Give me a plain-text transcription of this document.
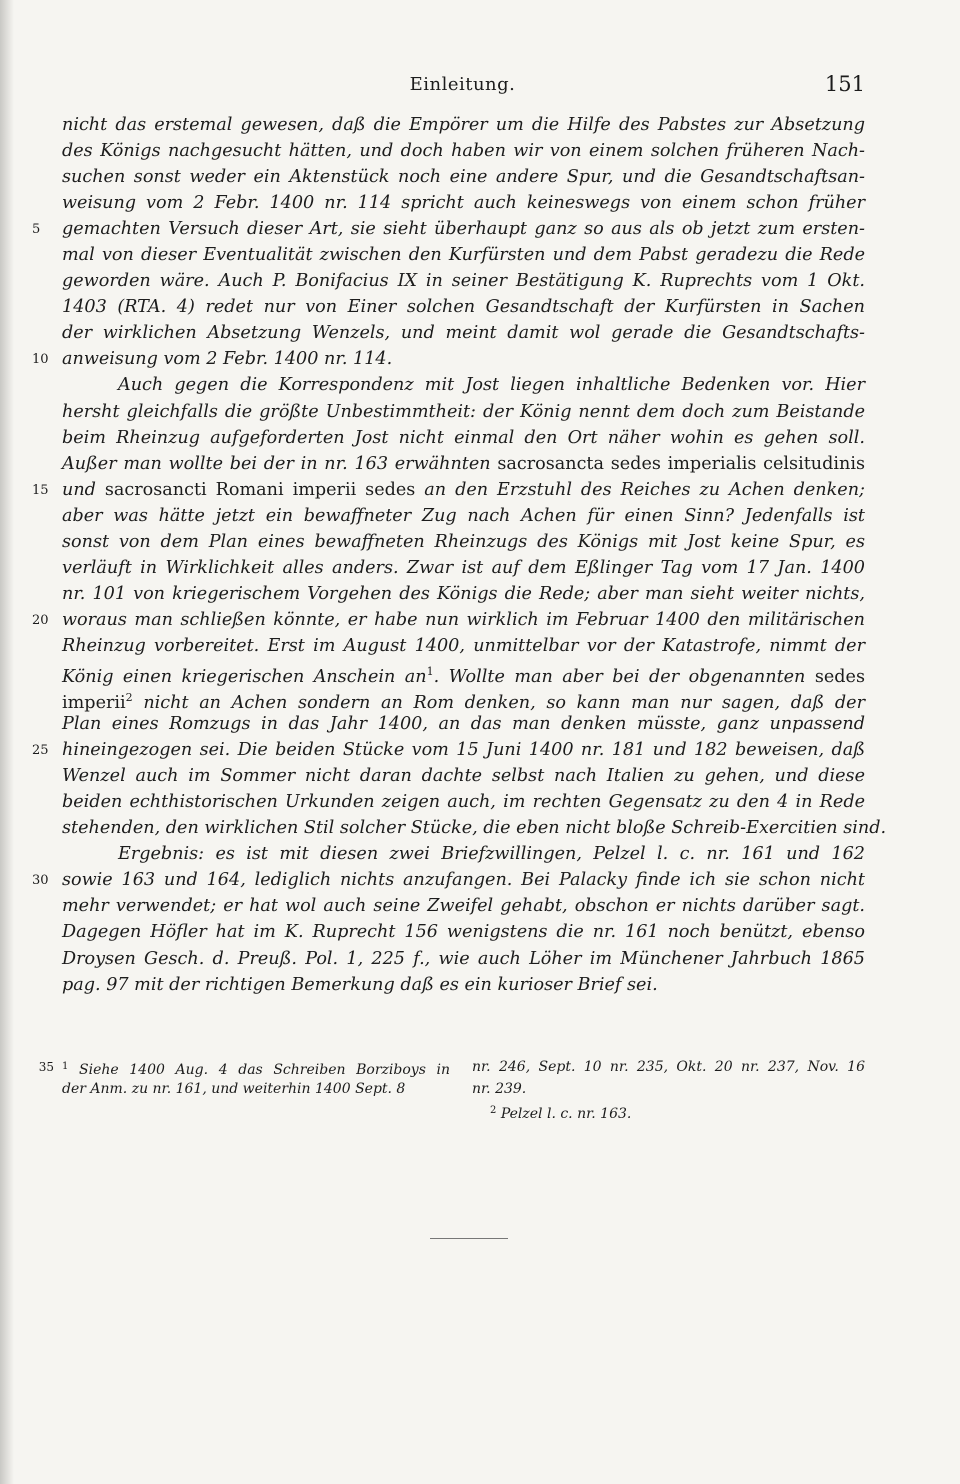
Einleitung.	151
nicht das erstemal gewesen, daß die Empörer um die Hilfe des Pabstes zur Absetzung
des Königs nachgesucht hätten, und doch haben wir von einem solchen früheren Nach-
suchen sonst weder ein Aktenstück noch eine andere Spur, und die Gesandtschaftsan-
weisung vom 2 Febr. 1400 nr. 114 spricht auch keineswegs von einem schon früher
5	gemachten Versuch dieser Art, sie sieht überhaupt ganz so aus als ob jetzt zum ersten-
mal von dieser Eventualität zwischen den Kurfürsten und dem Pabst geradezu die Rede
geworden wäre. Auch P. Bonifacius IX in seiner Bestätigung K. Ruprechts vom 1 Okt.
1403 (RTA. 4) redet nur von Einer solchen Gesandtschaft der Kurfürsten in Sachen
der wirklichen Absetzung Wenzels, und meint damit wol gerade die Gesandtschafts-
10 anweisung vom 2 Febr. 1400 nr. 114.
Auch gegen die Korrespondenz mit Jost liegen inhaltliche Bedenken vor. Hier
hersht gleichfalls die größte Unbestimmtheit: der König nennt dem doch zum Beistande
beim Rheinzug aufgeforderten Jost nicht einmal den Ort näher wohin es gehen soll.
Außer man wollte bei der in nr. 163 erwähnten sacrosancta sedes imperialis celsitudinis
15 und sacrosancti Romani imperii sedes an den Erzstuhl des Reiches zu Achen denken;
aber was hätte jetzt ein bewaffneter Zug nach Achen für einen Sinn? Jedenfalls ist
sonst von dem Plan eines bewaffneten Rheinzugs des Königs mit Jost keine Spur, es
verläuft in Wirklichkeit alles anders. Zwar ist auf dem Eßlinger Tag vom 17 Jan. 1400
nr. 101 von kriegerischem Vorgehen des Königs die Rede; aber man sieht weiter nichts,
20 woraus man schließen könnte, er habe nun wirklich im Februar 1400 den militärischen
Rheinzug vorbereitet. Erst im August 1400, unmittelbar vor der Katastrofe, nimmt der
König einen kriegerischen Anschein $an^1$. Wollte man aber bei der obgenannten sedes
imperii$^2$ nicht an Achen sondern an Rom denken, so kann man nur sagen, daß der
Plan eines Romzugs in das Jahr 1400, an das man denken müsste, ganz unpassend
25 hineingezogen sei. Die beiden Stücke vom 15 Juni 1400 nr. 181 und 182 beweisen, daß
Wenzel auch im Sommer nicht daran dachte selbst nach Italien zu gehen, und diese
beiden echthistorischen Urkunden zeigen auch, im rechten Gegensatz zu den 4 in Rede
stehenden, den wirklichen Stil solcher Stücke, die eben nicht bloße Schreib-Exercitien sind.
Ergebnis: es ist mit diesen zwei Briefzwillingen, Pelzel l. c. nr. 161 und 162
30 sowie 163 und 164, lediglich nichts anzufangen. Bei Palacky finde ich sie schon nicht
mehr verwendet; er hat wol auch seine Zweifel gehabt, obschon er nichts darüber sagt.
Dagegen Höfler hat im K. Ruprecht 156 wenigstens die nr. 161 noch benützt, ebenso
Droysen Gesch. d. Preuß. Pol. 1, 225 f., wie auch Löher im Münchener Jahrbuch 1865
pag. 97 mit der richtigen Bemerkung daß es ein kurioser Brief sei.
35 $^1$ Siehe 1400 Aug. 4 das Schreiben Borziboys in
der Anm. zu nr. 161, und weiterhin 1400 Sept. 8
nr. 246, Sept. 10 nr. 235, Okt. 20 nr. 237, Nov. 16
nr. 239.
$^2$ Pelzel l. c. nr. 163.
